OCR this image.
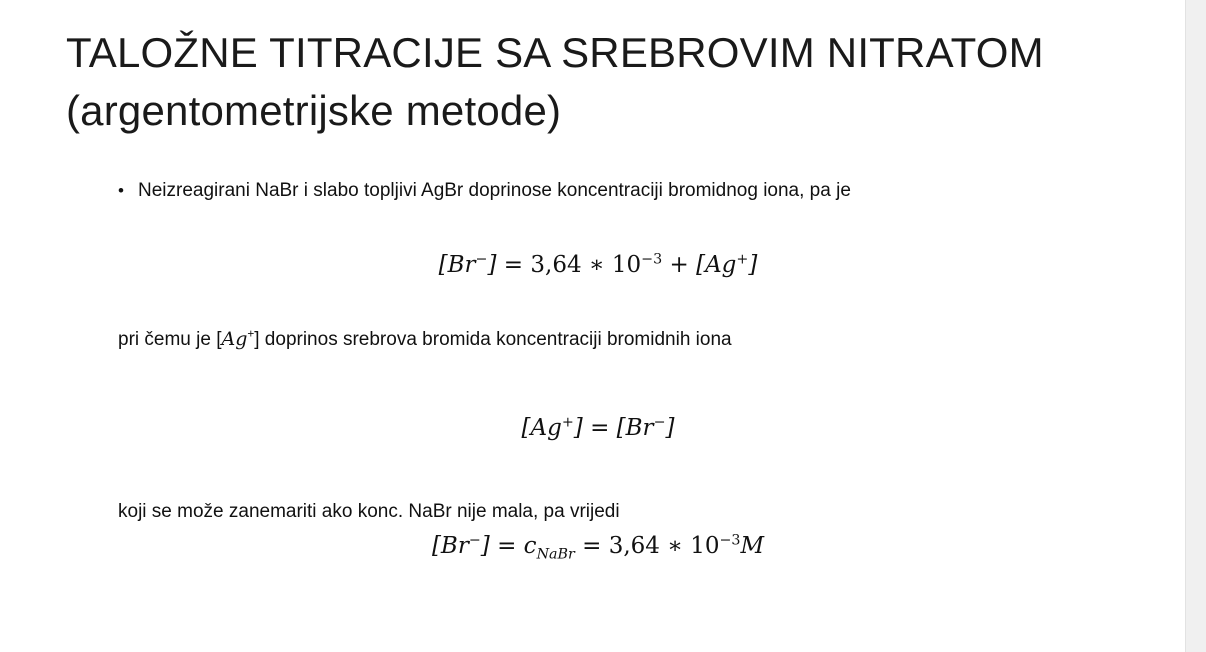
TALOŽNE TITRACIJE SA SREBROVIM NITRATOM (argentometrijske metode)
• Neizreagirani NaBr i slabo topljivi AgBr doprinose koncentraciji bromidnog iona, pa je
[Br−] = 3,64 ∗ $10^{-3} + [Ag^+]$
pri čemu je [Ag+] doprinos srebrova bromida koncentraciji bromidnih iona
[Ag+] = [Br−]
koji se može zanemariti ako konc. NaBr nije mala, pa vrijedi
$[Br^-] = c_{NaBr} = 3,64$ ∗ $10^{-3}M$
